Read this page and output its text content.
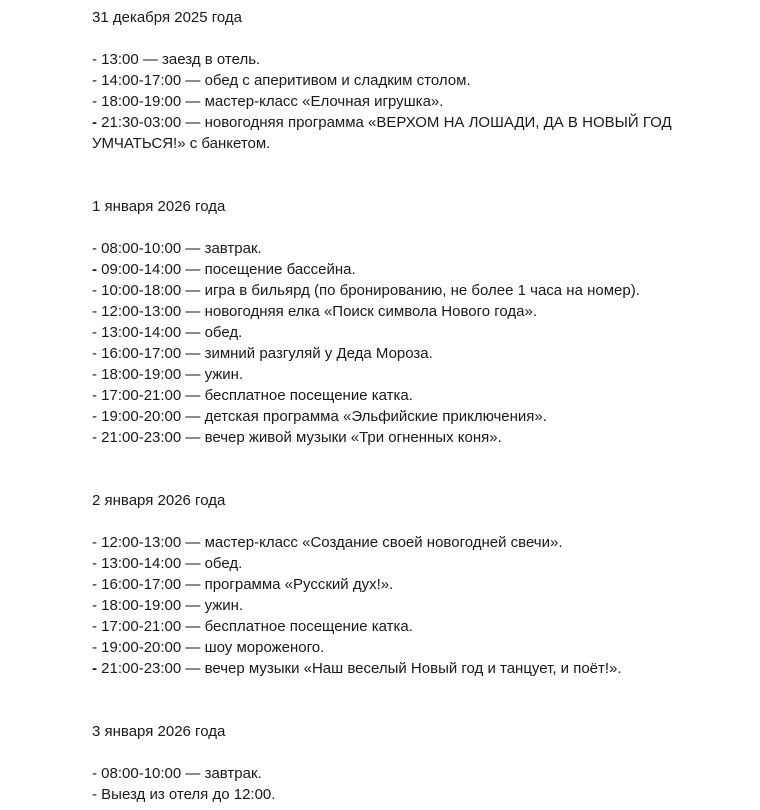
31 декабря 2025 года

- 13:00 — заезд в отель.

- 14:00-17:00 — обед с аперитивом и сладким столом.

- 18:00-19:00 — мастер-класс «Елочная игрушка».

- 21:30-03:00 — новогодняя программа «ВЕРХОМ НА ЛОШАДИ, ДА В НОВЫЙ ГОД УМЧАТЬСЯ!» с банкетом.

1 января 2026 года

- 08:00-10:00 — завтрак.

- 09:00-14:00 — посещение бассейна.

- 10:00-18:00 — игра в бильярд (по бронированию, не более 1 часа на номер).

- 12:00-13:00 — новогодняя елка «Поиск символа Нового года».

- 13:00-14:00 — обед.

- 16:00-17:00 — зимний разгуляй у Деда Мороза.

- 18:00-19:00 — ужин.

- 17:00-21:00 — бесплатное посещение катка.

- 19:00-20:00 — детская программа «Эльфийские приключения».

- 21:00-23:00 — вечер живой музыки «Три огненных коня».

2 января 2026 года

- 12:00-13:00 — мастер-класс «Создание своей новогодней свечи».

- 13:00-14:00 — обед.

- 16:00-17:00 — программа «Русский дух!».

- 18:00-19:00 — ужин.

- 17:00-21:00 — бесплатное посещение катка.

- 19:00-20:00 — шоу мороженого.

- 21:00-23:00 — вечер музыки «Наш веселый Новый год и танцует, и поёт!».

3 января 2026 года

- 08:00-10:00 — завтрак.

- Выезд из отеля до 12:00.
